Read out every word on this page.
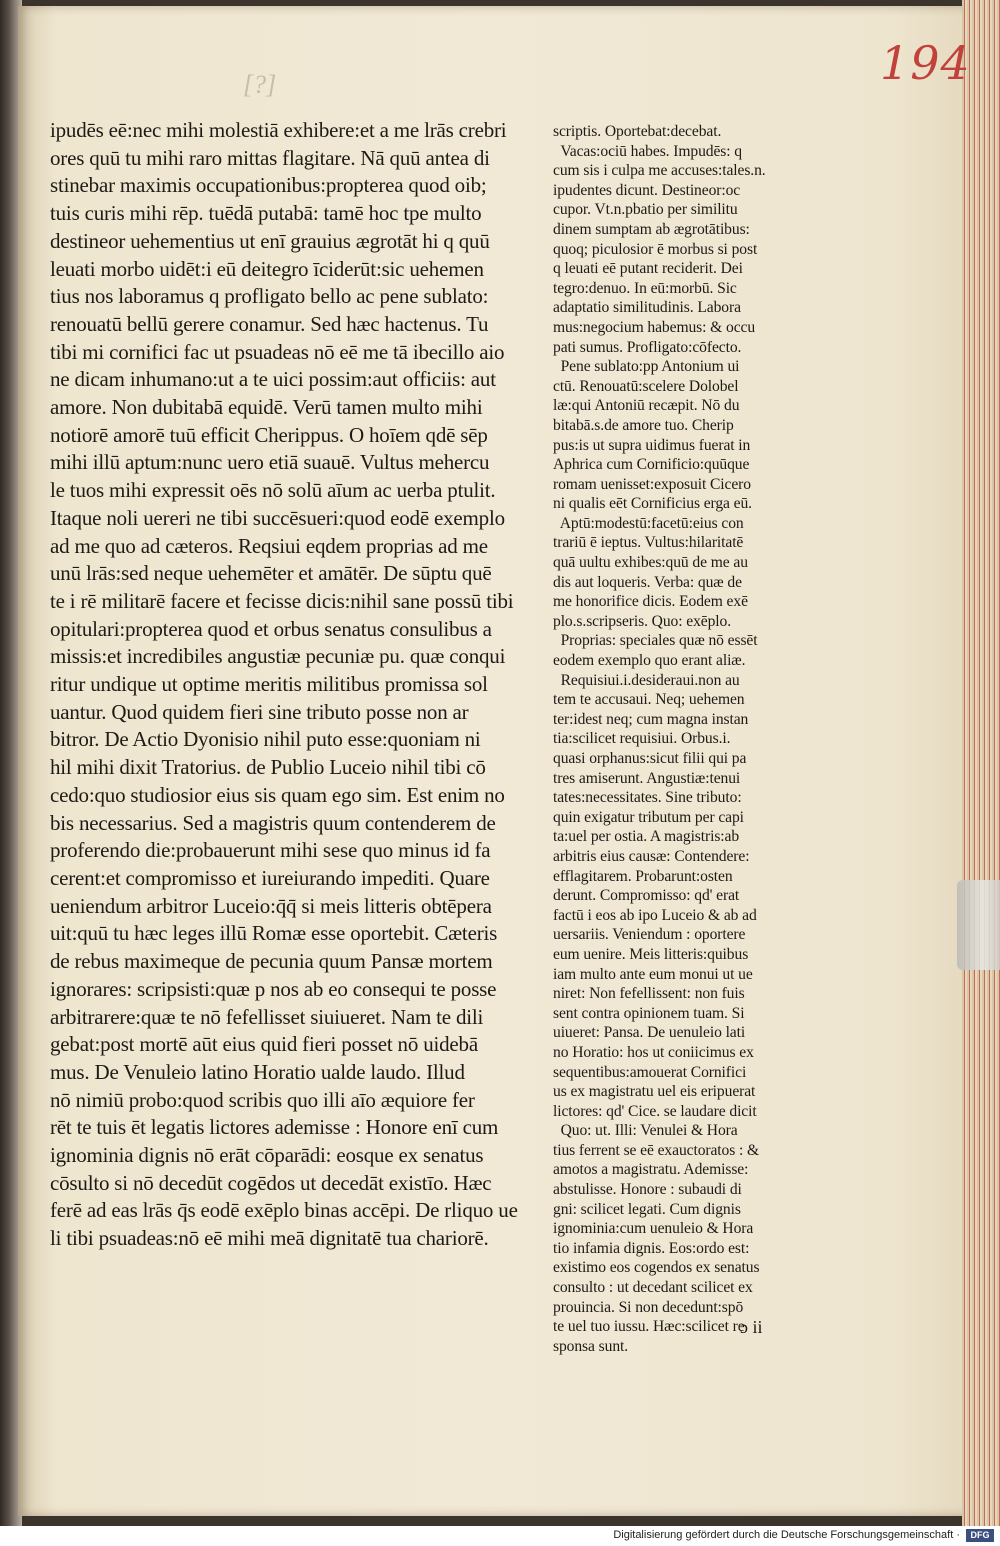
194
[?]
ipudēs eē:nec mihi molestiā exhibere:et a me lrās crebri
ores quū tu mihi raro mittas flagitare. Nā quū antea di
stinebar maximis occupationibus:propterea quod oib;
tuis curis mihi rēp. tuēdā putabā: tamē hoc tpe multo
destineor uehementius ut enī grauius ægrotāt hi q quū
leuati morbo uidēt:i eū deitegro īciderūt:sic uehemen
tius nos laboramus q profligato bello ac pene sublato:
renouatū bellū gerere conamur. Sed hæc hactenus. Tu
tibi mi cornifici fac ut psuadeas nō eē me tā ibecillo aio
ne dicam inhumano:ut a te uici possim:aut officiis: aut
amore. Non dubitabā equidē. Verū tamen multo mihi
notiorē amorē tuū efficit Cherippus. O hoīem qdē sēp
mihi illū aptum:nunc uero etiā suauē. Vultus mehercu
le tuos mihi expressit oēs nō solū aīum ac uerba ptulit.
Itaque noli uereri ne tibi succēsueri:quod eodē exemplo
ad me quo ad cæteros. Reqsiui eqdem proprias ad me
unū lrās:sed neque uehemēter et amātēr. De sūptu quē
te i rē militarē facere et fecisse dicis:nihil sane possū tibi
opitulari:propterea quod et orbus senatus consulibus a
missis:et incredibiles angustiæ pecuniæ pu. quæ conqui
ritur undique ut optime meritis militibus promissa sol
uantur. Quod quidem fieri sine tributo posse non ar
bitror. De Actio Dyonisio nihil puto esse:quoniam ni
hil mihi dixit Tratorius. de Publio Luceio nihil tibi cō
cedo:quo studiosior eius sis quam ego sim. Est enim no
bis necessarius. Sed a magistris quum contenderem de
proferendo die:probauerunt mihi sese quo minus id fa
cerent:et compromisso et iureiurando impediti. Quare
ueniendum arbitror Luceio:q̄q̄ si meis litteris obtēpera
uit:quū tu hæc leges illū Romæ esse oportebit. Cæteris
de rebus maximeque de pecunia quum Pansæ mortem
ignorares: scripsisti:quæ p nos ab eo consequi te posse
arbitrarere:quæ te nō fefellisset siuiueret. Nam te dili
gebat:post mortē aūt eius quid fieri posset nō uidebā
mus. De Venuleio latino Horatio ualde laudo. Illud
nō nimiū probo:quod scribis quo illi aīo æquiore fer
rēt te tuis ēt legatis lictores ademisse : Honore enī cum
ignominia dignis nō erāt cōparādi: eosque ex senatus
cōsulto si nō decedūt cogēdos ut decedāt existīo. Hæc
ferē ad eas lrās q̄s eodē exēplo binas accēpi. De rliquo ue
li tibi psuadeas:nō eē mihi meā dignitatē tua chariorē.
scriptis. Oportebat:decebat.
Vacas:ociū habes. Impudēs: q
cum sis i culpa me accuses:tales.n.
ipudentes dicunt. Destineor:oc
cupor. Vt.n.pbatio per similitu
dinem sumptam ab ægrotātibus:
quoq; piculosior ē morbus si post
q leuati eē putant reciderit. Dei
tegro:denuo. In eū:morbū. Sic
adaptatio similitudinis. Labora
mus:negocium habemus: & occu
pati sumus. Profligato:cōfecto.
Pene sublato:pp Antonium ui
ctū. Renouatū:scelere Dolobel
læ:qui Antoniū recæpit. Nō du
bitabā.s.de amore tuo. Cherip
pus:is ut supra uidimus fuerat in
Aphrica cum Cornificio:quūque
romam uenisset:exposuit Cicero
ni qualis eēt Cornificius erga eū.
Aptū:modestū:facetū:eius con
trariū ē ieptus. Vultus:hilaritatē
quā uultu exhibes:quū de me au
dis aut loqueris. Verba: quæ de
me honorifice dicis. Eodem exē
plo.s.scripseris. Quo: exēplo.
Proprias: speciales quæ nō essēt
eodem exemplo quo erant aliæ.
Requisiui.i.desideraui.non au
tem te accusaui. Neq; uehemen
ter:idest neq; cum magna instan
tia:scilicet requisiui. Orbus.i.
quasi orphanus:sicut filii qui pa
tres amiserunt. Angustiæ:tenui
tates:necessitates. Sine tributo:
quin exigatur tributum per capi
ta:uel per ostia. A magistris:ab
arbitris eius causæ: Contendere:
efflagitarem. Probarunt:osten
derunt. Compromisso: qd' erat
factū i eos ab ipo Luceio & ab ad
uersariis. Veniendum : oportere
eum uenire. Meis litteris:quibus
iam multo ante eum monui ut ue
niret: Non fefellissent: non fuis
sent contra opinionem tuam. Si
uiueret: Pansa. De uenuleio lati
no Horatio: hos ut coniicimus ex
sequentibus:amouerat Cornifici
us ex magistratu uel eis eripuerat
lictores: qd' Cice. se laudare dicit
Quo: ut. Illi: Venulei & Hora
tius ferrent se eē exauctoratos : &
amotos a magistratu. Ademisse:
abstulisse. Honore : subaudi di
gni: scilicet legati. Cum dignis
ignominia:cum uenuleio & Hora
tio infamia dignis. Eos:ordo est:
existimo eos cogendos ex senatus
consulto : ut decedant scilicet ex
prouincia. Si non decedunt:spō
te uel tuo iussu. Hæc:scilicet re
sponsa sunt.
ɔ ii
Digitalisierung gefördert durch die Deutsche Forschungsgemeinschaft ·	DFG
